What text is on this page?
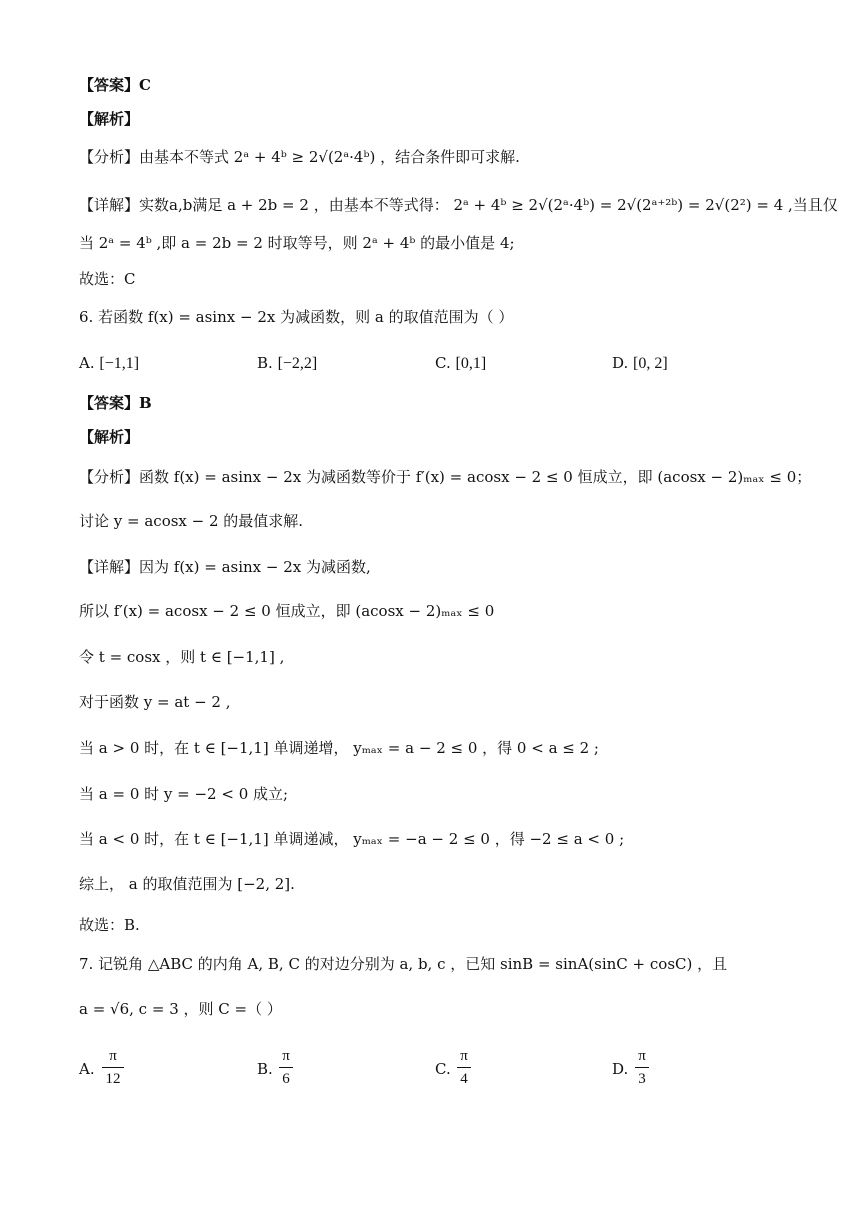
【答案】C
【解析】
【分析】由基本不等式 2ᵃ + 4ᵇ ≥ 2√(2ᵃ·4ᵇ) ，结合条件即可求解.
【详解】实数a,b满足 a + 2b = 2 ，由基本不等式得： 2ᵃ + 4ᵇ ≥ 2√(2ᵃ·4ᵇ) = 2√(2ᵃ⁺²ᵇ) = 2√(2²) = 4 ,当且仅
当 2ᵃ = 4ᵇ ,即 a = 2b = 2 时取等号，则 2ᵃ + 4ᵇ 的最小值是 4;
故选：C
6. 若函数 f(x) = asinx − 2x 为减函数，则 a 的取值范围为（ ）
A. [−1,1]	B. [−2,2]	C. [0,1]	D. [0, 2]
【答案】B
【解析】
【分析】函数 f(x) = asinx − 2x 为减函数等价于 f′(x) = acosx − 2 ≤ 0 恒成立，即 (acosx − 2)ₘₐₓ ≤ 0；
讨论 y = acosx − 2 的最值求解.
【详解】因为 f(x) = asinx − 2x 为减函数,
所以 f′(x) = acosx − 2 ≤ 0 恒成立，即 (acosx − 2)ₘₐₓ ≤ 0
令 t = cosx ，则 t ∈ [−1,1] ,
对于函数 y = at − 2 ,
当 a > 0 时，在 t ∈ [−1,1] 单调递增， yₘₐₓ = a − 2 ≤ 0 ，得 0 < a ≤ 2 ;
当 a = 0 时 y = −2 < 0 成立;
当 a < 0 时，在 t ∈ [−1,1] 单调递减， yₘₐₓ = −a − 2 ≤ 0 ，得 −2 ≤ a < 0 ;
综上， a 的取值范围为 [−2, 2].
故选：B.
7. 记锐角 △ABC 的内角 A, B, C 的对边分别为 a, b, c ，已知 sinB = sinA(sinC + cosC) ，且
a = √6, c = 3 ，则 C =（ ）
A.
π
12
B.
π
6
C.
π
4
D.
π
3
